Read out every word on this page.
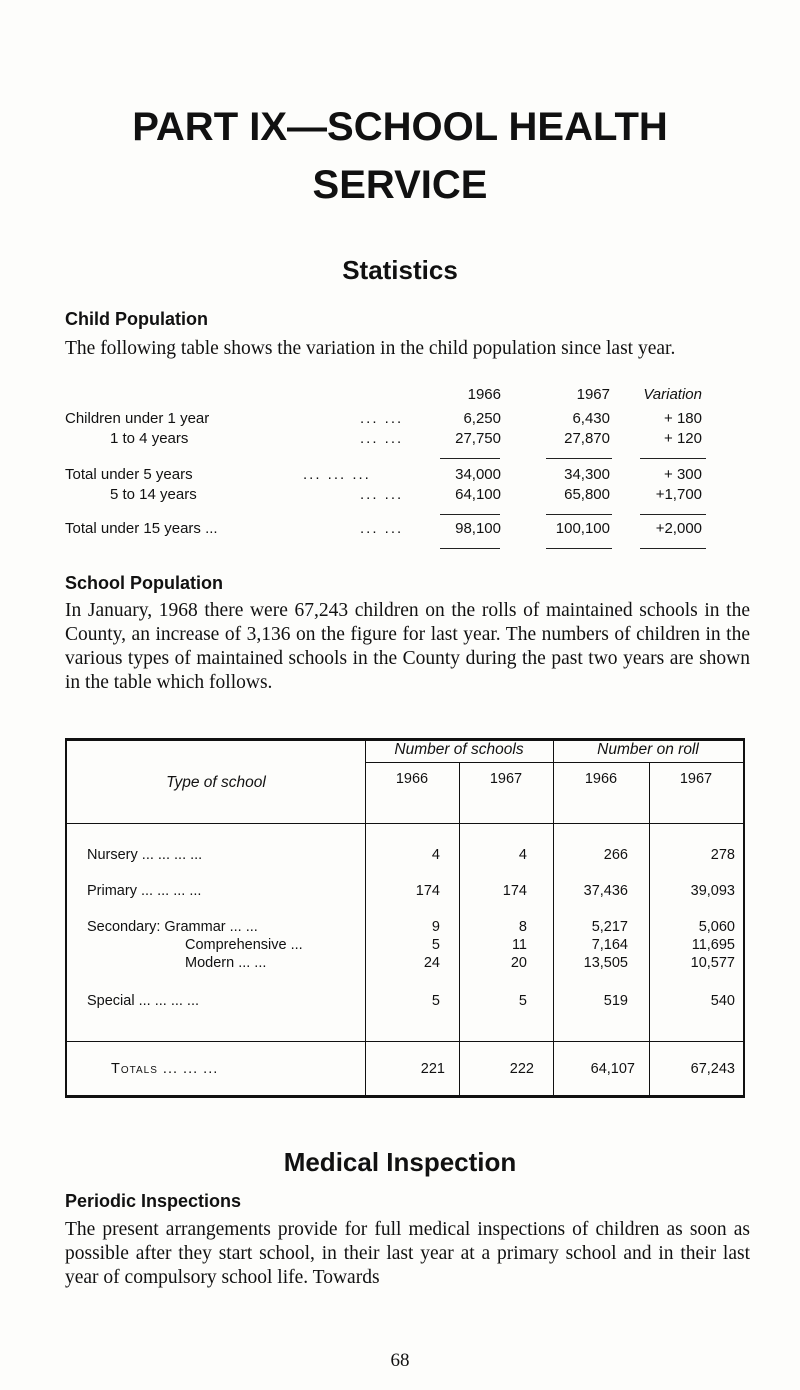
PART IX—SCHOOL HEALTH
SERVICE
Statistics
Child Population

The following table shows the variation in the child population since last year.

1966	1967 Variation
Children under 1 year	... ...	6,250	6,430	+ 180
1 to 4 years	... ...	27,750	27,870	+ 120
Total under 5 years	... ... ...	34,000	34,300	+ 300
5 to 14 years	... ...	64,100	65,800	+1,700
Total under 15 years ...	... ...	98,100	100,100	+2,000
School Population

In January, 1968 there were 67,243 children on the rolls of maintained schools in the County, an increase of 3,136 on the figure for last year. The numbers of children in the various types of maintained schools in the County during the past two years are shown in the table which follows.

Type of school
Number of schools	Number on roll
1966	1967	1966	1967
Nursery ... ... ... ...	4	4	266	278
Primary ... ... ... ...	174	174	37,436	39,093
Secondary: Grammar ... ...	9	8	5,217	5,060
Comprehensive ...	5	11	7,164	11,695
Modern ... ...	24	20	13,505	10,577
Special ... ... ... ...	5	5	519	540
Totals ... ... ...	221	222	64,107	67,243
Medical Inspection
Periodic Inspections

The present arrangements provide for full medical inspections of children as soon as possible after they start school, in their last year at a primary school and in their last year of compulsory school life. Towards

68
